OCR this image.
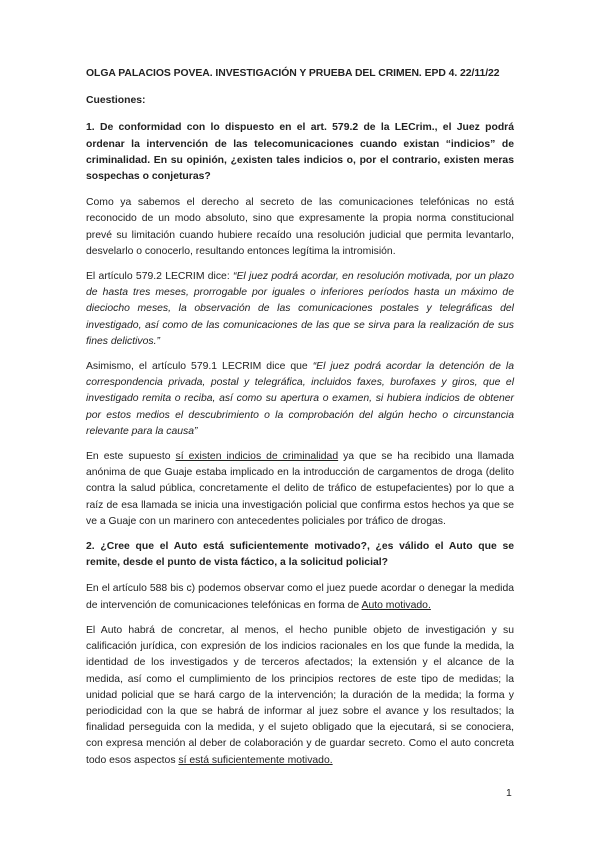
OLGA PALACIOS POVEA. INVESTIGACIÓN Y PRUEBA DEL CRIMEN. EPD 4. 22/11/22

Cuestiones:

1. De conformidad con lo dispuesto en el art. 579.2 de la LECrim., el Juez podrá ordenar la intervención de las telecomunicaciones cuando existan “indicios” de criminalidad. En su opinión, ¿existen tales indicios o, por el contrario, existen meras sospechas o conjeturas?

Como ya sabemos el derecho al secreto de las comunicaciones telefónicas no está reconocido de un modo absoluto, sino que expresamente la propia norma constitucional prevé su limitación cuando hubiere recaído una resolución judicial que permita levantarlo, desvelarlo o conocerlo, resultando entonces legítima la intromisión.

El artículo 579.2 LECRIM dice: “El juez podrá acordar, en resolución motivada, por un plazo de hasta tres meses, prorrogable por iguales o inferiores períodos hasta un máximo de dieciocho meses, la observación de las comunicaciones postales y telegráficas del investigado, así como de las comunicaciones de las que se sirva para la realización de sus fines delictivos.”

Asimismo, el artículo 579.1 LECRIM dice que “El juez podrá acordar la detención de la correspondencia privada, postal y telegráfica, incluidos faxes, burofaxes y giros, que el investigado remita o reciba, así como su apertura o examen, si hubiera indicios de obtener por estos medios el descubrimiento o la comprobación del algún hecho o circunstancia relevante para la causa”

En este supuesto sí existen indicios de criminalidad ya que se ha recibido una llamada anónima de que Guaje estaba implicado en la introducción de cargamentos de droga (delito contra la salud pública, concretamente el delito de tráfico de estupefacientes) por lo que a raíz de esa llamada se inicia una investigación policial que confirma estos hechos ya que se ve a Guaje con un marinero con antecedentes policiales por tráfico de drogas.

2. ¿Cree que el Auto está suficientemente motivado?, ¿es válido el Auto que se remite, desde el punto de vista fáctico, a la solicitud policial?

En el artículo 588 bis c) podemos observar como el juez puede acordar o denegar la medida de intervención de comunicaciones telefónicas en forma de Auto motivado.

El Auto habrá de concretar, al menos, el hecho punible objeto de investigación y su calificación jurídica, con expresión de los indicios racionales en los que funde la medida, la identidad de los investigados y de terceros afectados; la extensión y el alcance de la medida, así como el cumplimiento de los principios rectores de este tipo de medidas; la unidad policial que se hará cargo de la intervención; la duración de la medida; la forma y periodicidad con la que se habrá de informar al juez sobre el avance y los resultados; la finalidad perseguida con la medida, y el sujeto obligado que la ejecutará, si se conociera, con expresa mención al deber de colaboración y de guardar secreto. Como el auto concreta todo esos aspectos sí está suficientemente motivado.

1
